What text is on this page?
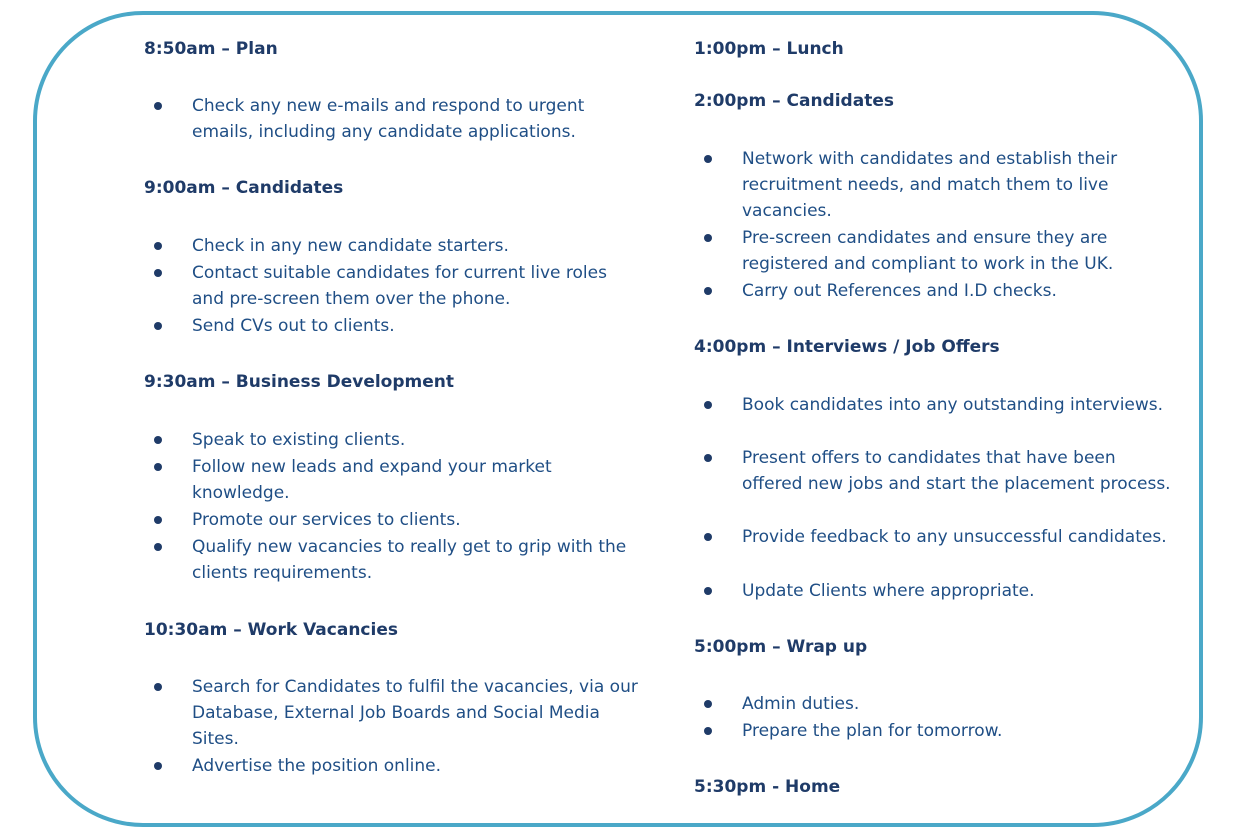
8:50am – Plan
Check any new e-mails and respond to urgent emails, including any candidate applications.
9:00am – Candidates
Check in any new candidate starters.
Contact suitable candidates for current live roles and pre-screen them over the phone.
Send CVs out to clients.
9:30am – Business Development
Speak to existing clients.
Follow new leads and expand your market knowledge.
Promote our services to clients.
Qualify new vacancies to really get to grip with the clients requirements.
10:30am – Work Vacancies
Search for Candidates to fulfil the vacancies, via our Database, External Job Boards and Social Media Sites.
Advertise the position online.
1:00pm – Lunch
2:00pm – Candidates
Network with candidates and establish their recruitment needs, and match them to live vacancies.
Pre-screen candidates and ensure they are registered and compliant to work in the UK.
Carry out References and I.D checks.
4:00pm – Interviews / Job Offers
Book candidates into any outstanding interviews.
Present offers to candidates that have been offered new jobs and start the placement process.
Provide feedback to any unsuccessful candidates.
Update Clients where appropriate.
5:00pm – Wrap up
Admin duties.
Prepare the plan for tomorrow.
5:30pm - Home
